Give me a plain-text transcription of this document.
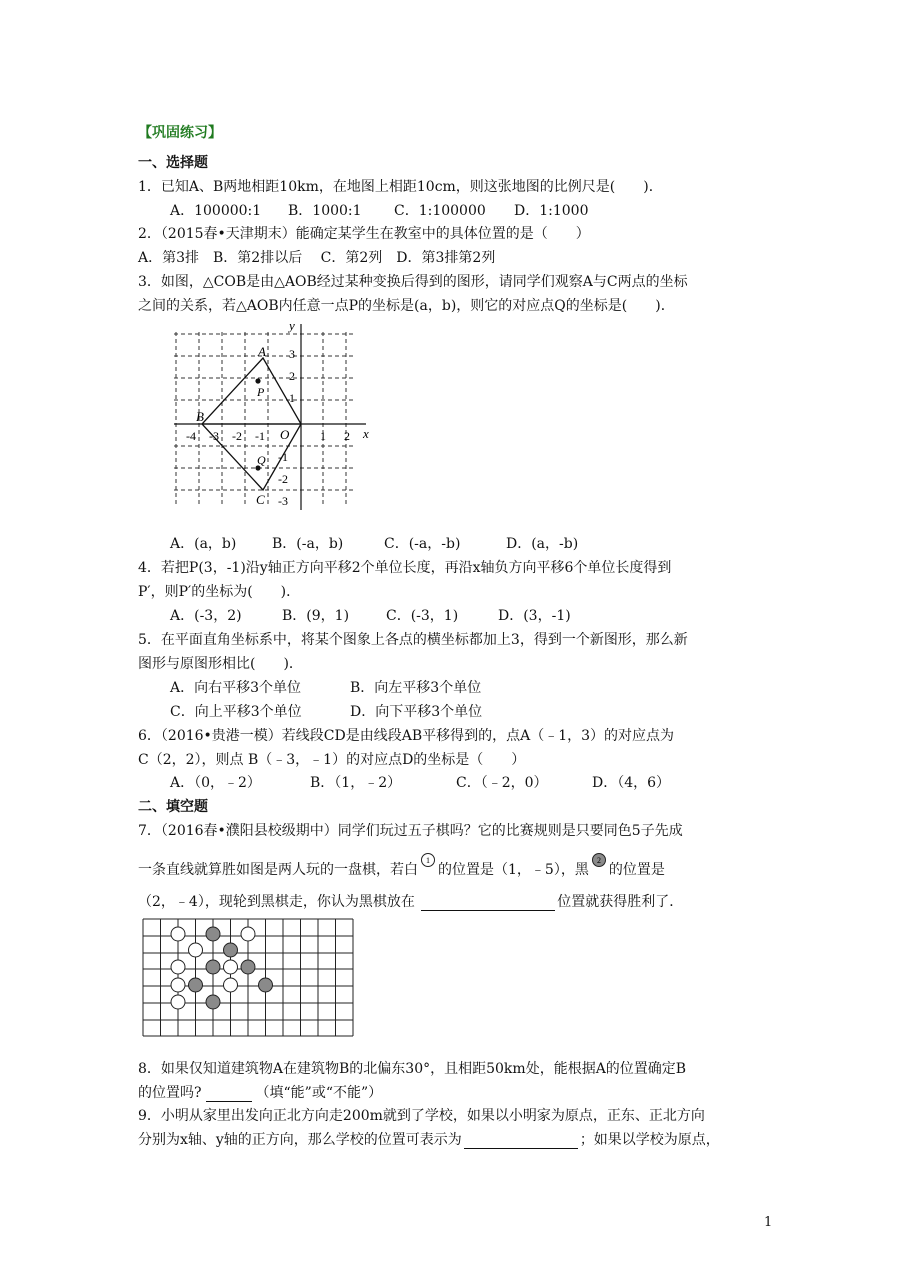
【巩固练习】
一、选择题
1．已知A、B两地相距10km，在地图上相距10cm，则这张地图的比例尺是(　　)．
A．100000:1 B．1000:1 C．1:100000 D．1:1000
2．（2015春•天津期末）能确定某学生在教室中的具体位置的是（　　）
A．第3排　B．第2排以后　 C．第2列　D．第3排第2列
3．如图，△COB是由△AOB经过某种变换后得到的图形，请同学们观察A与C两点的坐标
之间的关系，若△AOB内任意一点P的坐标是(a，b)，则它的对应点Q的坐标是(　　)．
A
B
C
P
Q
O	x
y
-4 -3 -2 -1	1 2
3
2
1
-1
-2
-3
A．(a，b)	B．(-a，b)	C．(-a，-b)	D．(a，-b)
4．若把P(3，-1)沿y轴正方向平移2个单位长度，再沿x轴负方向平移6个单位长度得到
P′，则P′的坐标为(　　)．
A．(-3，2)	B．(9，1)	C．(-3，1)	D．(3，-1)
5．在平面直角坐标系中，将某个图象上各点的横坐标都加上3，得到一个新图形，那么新
图形与原图形相比(　　)．
A．向右平移3个单位	B．向左平移3个单位
C．向上平移3个单位	D．向下平移3个单位
6．（2016•贵港一模）若线段CD是由线段AB平移得到的，点A（﹣1，3）的对应点为
C（2，2），则点 B（﹣3，﹣1）的对应点D的坐标是（　　）
A．（0，﹣2）	B．（1，﹣2）	C．（﹣2，0）	D．（4，6）
二、填空题
7．（2016春•濮阳县校级期中）同学们玩过五子棋吗？它的比赛规则是只要同色5子先成
一条直线就算胜如图是两人玩的一盘棋，若白
1
的位置是（1，﹣5），黑
2
的位置是
（2，﹣4），现轮到黑棋走，你认为黑棋放在	位置就获得胜利了．
8．如果仅知道建筑物A在建筑物B的北偏东30°，且相距50km处，能根据A的位置确定B
的位置吗?	（填“能”或“不能”）
9．小明从家里出发向正北方向走200m就到了学校，如果以小明家为原点，正东、正北方向
分别为x轴、y轴的正方向，那么学校的位置可表示为	；如果以学校为原点，
1
